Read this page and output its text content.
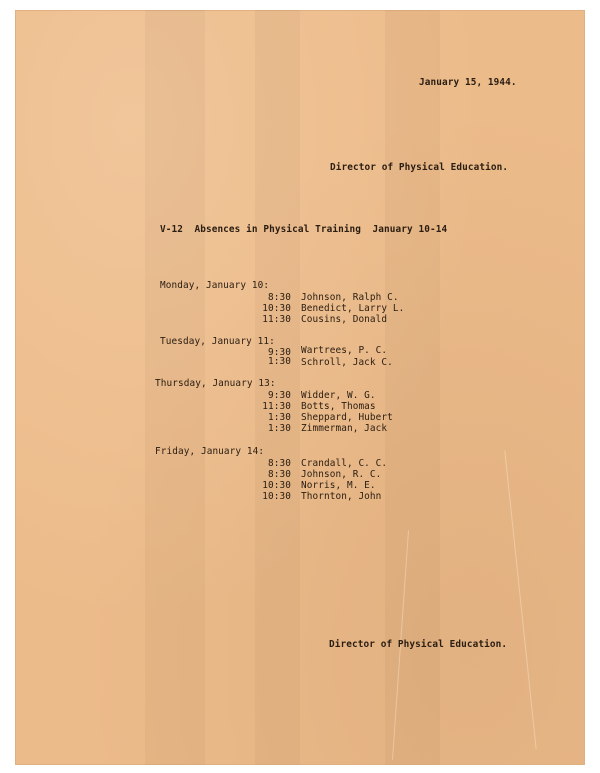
January 15, 1944.
Director of Physical Education.
V-12  Absences in Physical Training  January 10-14
Monday, January 10:
8:30 Johnson, Ralph C.
10:30 Benedict, Larry L.
11:30 Cousins, Donald
Tuesday, January 11:
9:30 Wartrees, P. C.
1:30 Schroll, Jack C.
Thursday, January 13:
9:30 Widder, W. G.
11:30 Botts, Thomas
1:30 Sheppard, Hubert
1:30 Zimmerman, Jack
Friday, January 14:
8:30 Crandall, C. C.
8:30 Johnson, R. C.
10:30 Norris, M. E.
10:30 Thornton, John
Director of Physical Education.
